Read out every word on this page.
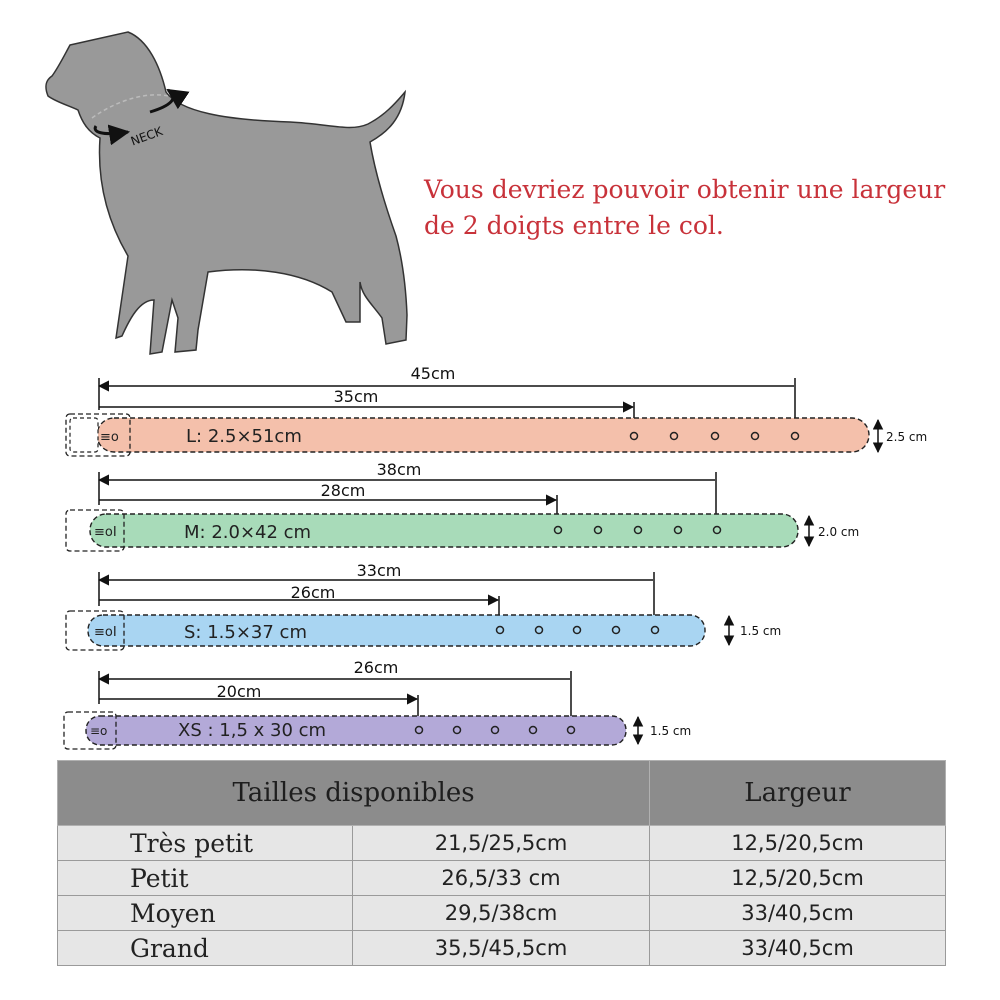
NECK
45cm
35cm
≡o	L: 2.5×51cm	2.5 cm
38cm
28cm
≡oI	M: 2.0×42 cm	2.0 cm
33cm
26cm
≡oI	S: 1.5×37 cm	1.5 cm
26cm
20cm
≡o	XS : 1,5 x 30 cm	1.5 cm
Vous devriez pouvoir obtenir une largeur
de 2 doigts entre le col.
Tailles disponibles		Largeur
Très petit	21,5/25,5cm	12,5/20,5cm
Petit	26,5/33 cm	12,5/20,5cm
Moyen	29,5/38cm	33/40,5cm
Grand	35,5/45,5cm	33/40,5cm
